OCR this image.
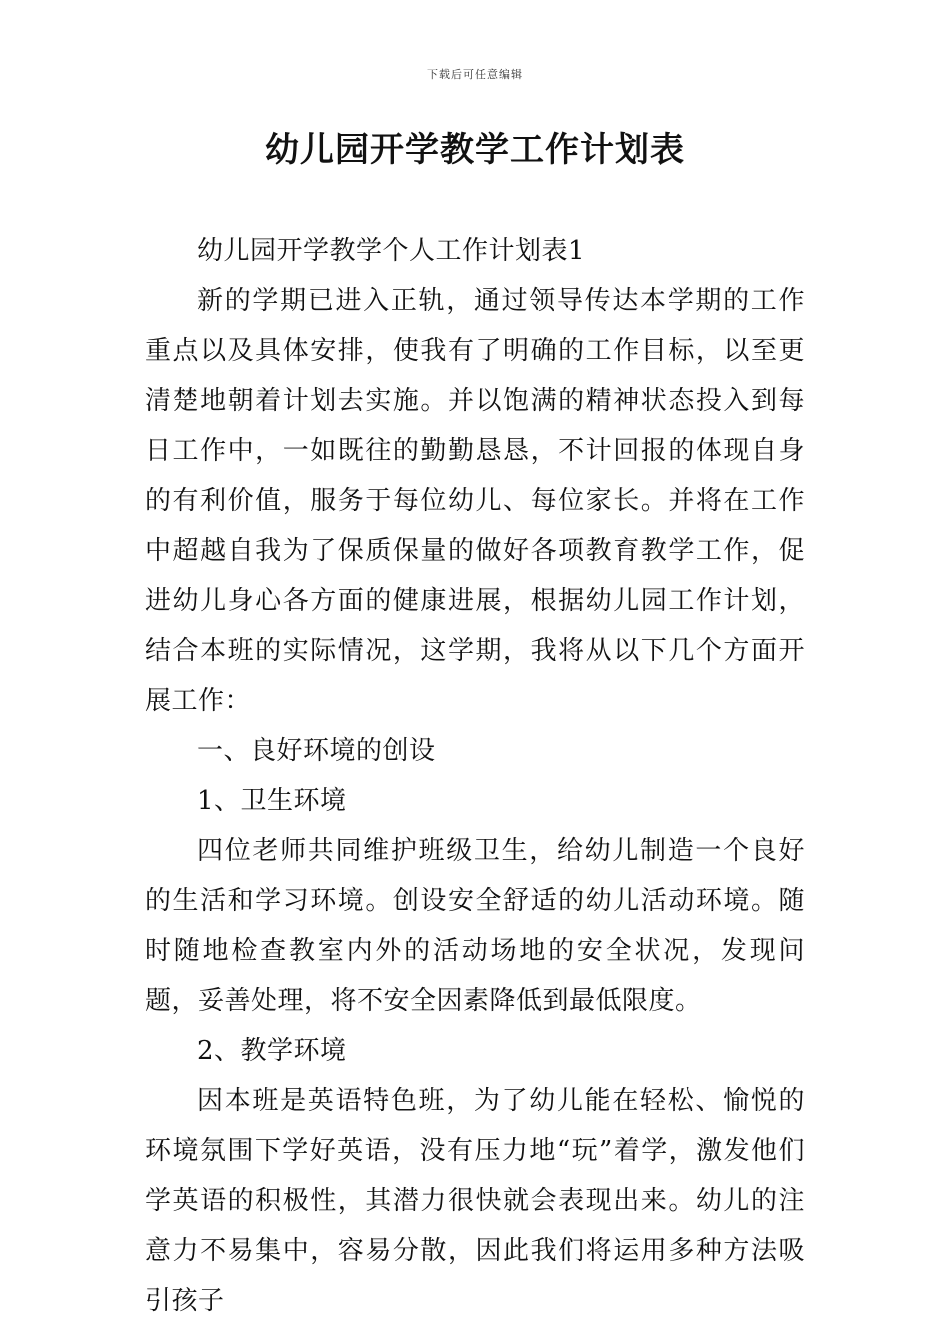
下载后可任意编辑
幼儿园开学教学工作计划表

幼儿园开学教学个人工作计划表1

新的学期已进入正轨，通过领导传达本学期的工作重点以及具体安排，使我有了明确的工作目标，以至更清楚地朝着计划去实施。并以饱满的精神状态投入到每日工作中，一如既往的勤勤恳恳，不计回报的体现自身的有利价值，服务于每位幼儿、每位家长。并将在工作中超越自我为了保质保量的做好各项教育教学工作，促进幼儿身心各方面的健康进展，根据幼儿园工作计划，结合本班的实际情况，这学期，我将从以下几个方面开展工作：

一、良好环境的创设

1、卫生环境

四位老师共同维护班级卫生，给幼儿制造一个良好的生活和学习环境。创设安全舒适的幼儿活动环境。随时随地检查教室内外的活动场地的安全状况，发现问题，妥善处理，将不安全因素降低到最低限度。

2、教学环境

因本班是英语特色班，为了幼儿能在轻松、愉悦的环境氛围下学好英语，没有压力地“玩”着学，激发他们学英语的积极性，其潜力很快就会表现出来。幼儿的注意力不易集中，容易分散，因此我们将运用多种方法吸引孩子
